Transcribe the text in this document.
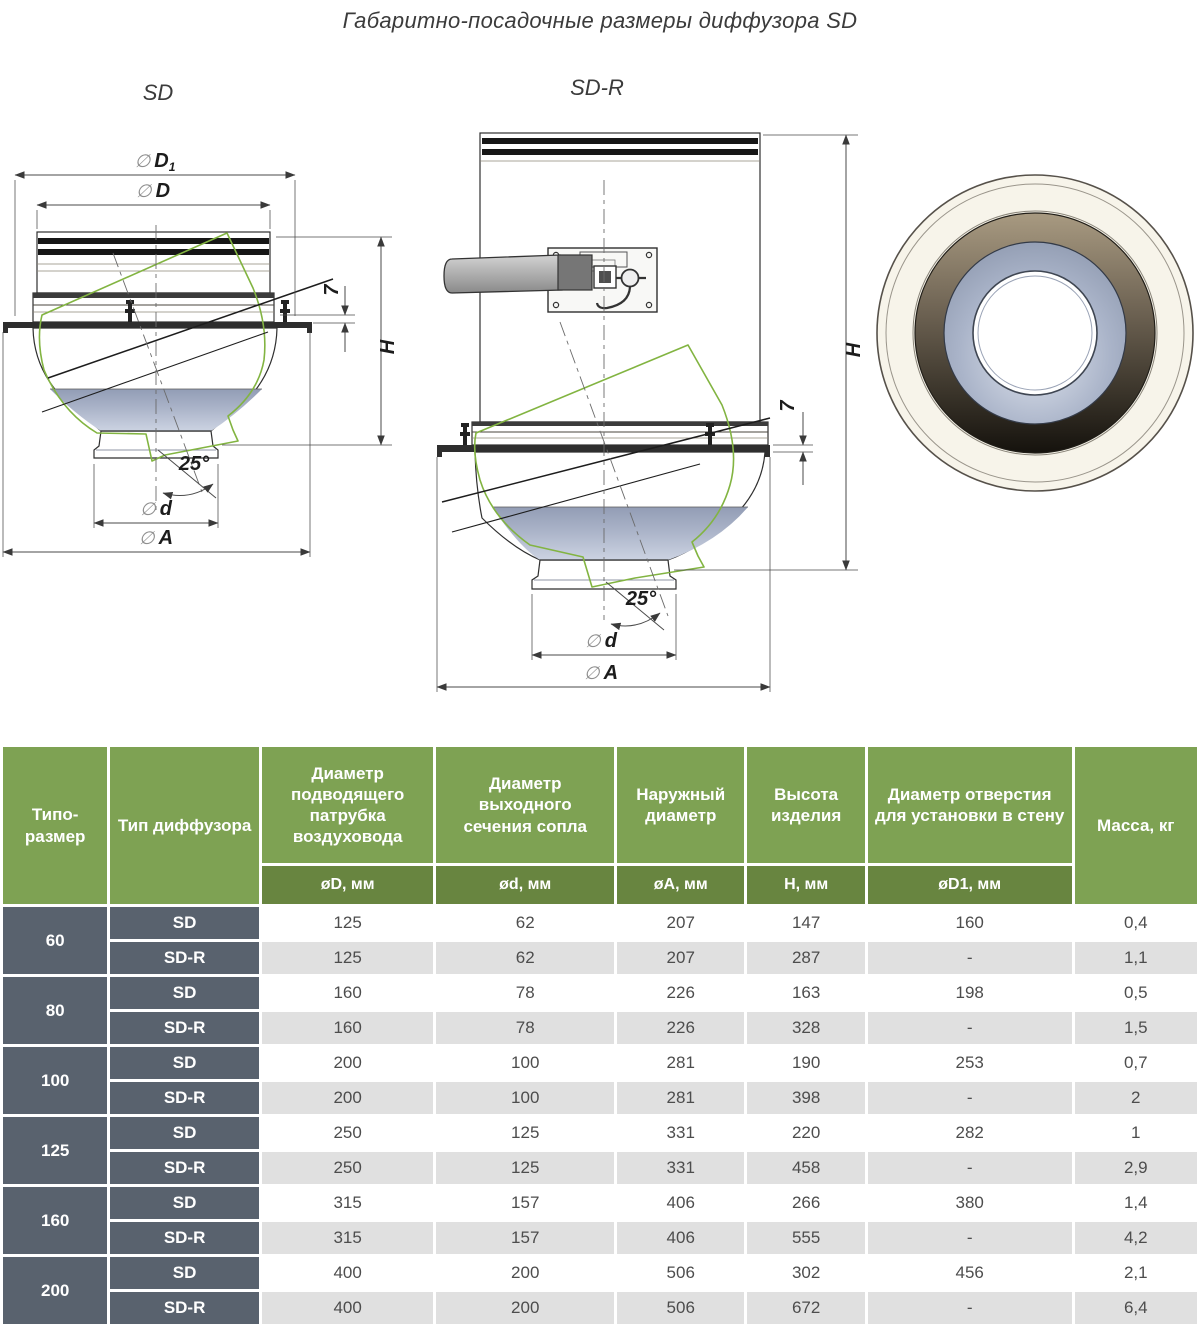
Габаритно-посадочные размеры диффузора SD
SD
∅ $D_1$
∅ D
H
7
25°
∅ d
∅ A
SD-R
H
7
25°
∅ d
∅ A
Типо-размер	Тип диффузора	Диаметр подводящего патрубка воздуховода	Диаметр выходного сечения сопла	Наружный диаметр	Высота изделия	Диаметр отверстия для установки в стену	Масса, кг
		øD, мм	ød, мм	øA, мм	Н, мм	øD1, мм	
60	SD	125	62	207	147	160	0,4
	SD-R	125	62	207	287	-	1,1
80	SD	160	78	226	163	198	0,5
	SD-R	160	78	226	328	-	1,5
100	SD	200	100	281	190	253	0,7
	SD-R	200	100	281	398	-	2
125	SD	250	125	331	220	282	1
	SD-R	250	125	331	458	-	2,9
160	SD	315	157	406	266	380	1,4
	SD-R	315	157	406	555	-	4,2
200	SD	400	200	506	302	456	2,1
	SD-R	400	200	506	672	-	6,4
